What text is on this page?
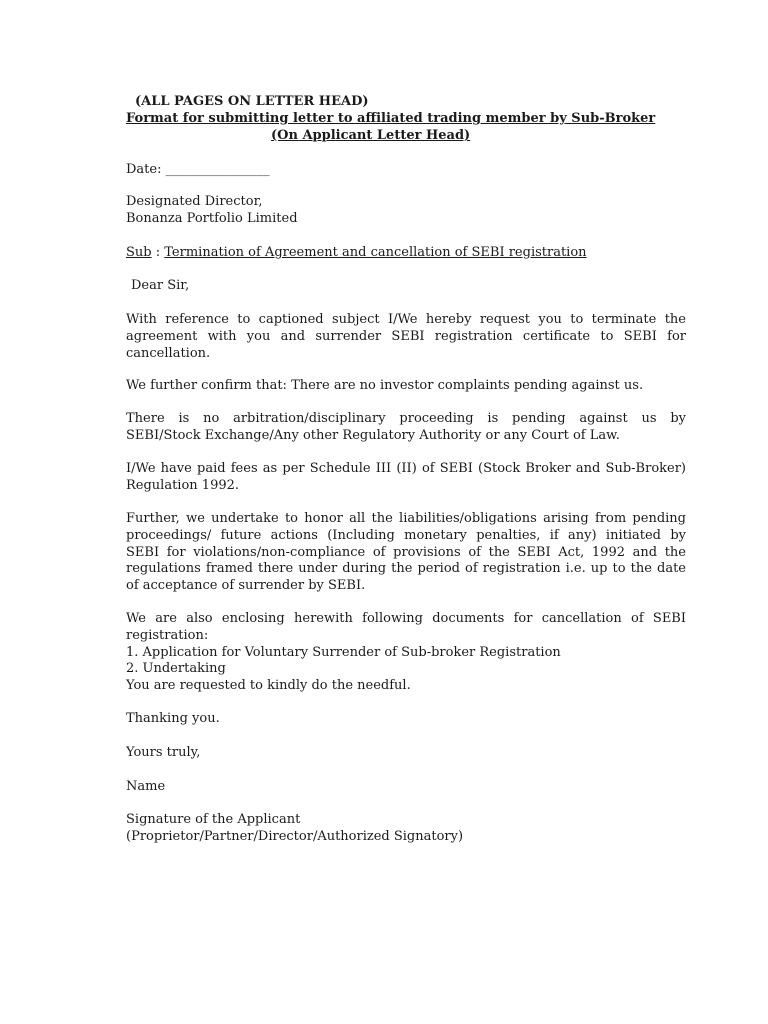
(ALL PAGES ON LETTER HEAD)
Format for submitting letter to affiliated trading member by Sub-Broker
(On Applicant Letter Head)
Date: ________________
Designated Director,
Bonanza Portfolio Limited
Sub : Termination of Agreement and cancellation of SEBI registration
Dear Sir,
With reference to captioned subject I/We hereby request you to terminate the
agreement with you and surrender SEBI registration certificate to SEBI for
cancellation.
We further confirm that: There are no investor complaints pending against us.
There is no arbitration/disciplinary proceeding is pending against us by
SEBI/Stock Exchange/Any other Regulatory Authority or any Court of Law.
I/We have paid fees as per Schedule III (II) of SEBI (Stock Broker and Sub-Broker)
Regulation 1992.
Further, we undertake to honor all the liabilities/obligations arising from pending
proceedings/ future actions (Including monetary penalties, if any) initiated by
SEBI for violations/non-compliance of provisions of the SEBI Act, 1992 and the
regulations framed there under during the period of registration i.e. up to the date
of acceptance of surrender by SEBI.
We are also enclosing herewith following documents for cancellation of SEBI
registration:
1. Application for Voluntary Surrender of Sub-broker Registration
2. Undertaking
You are requested to kindly do the needful.
Thanking you.
Yours truly,
Name
Signature of the Applicant
(Proprietor/Partner/Director/Authorized Signatory)
